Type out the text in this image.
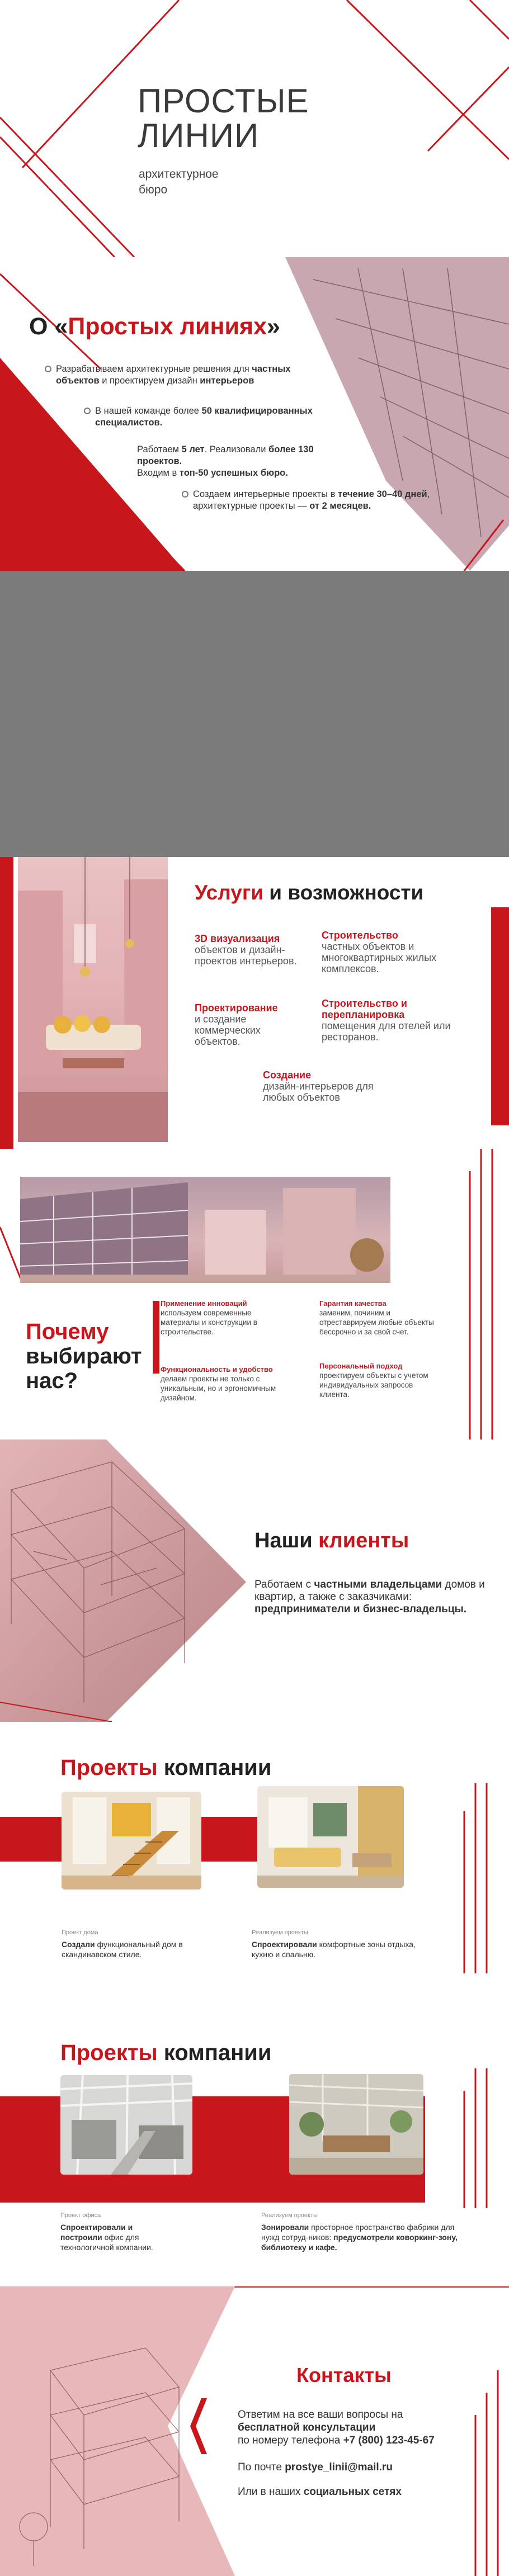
ПРОСТЫЕ
ЛИНИИ
архитектурное
бюро
О «Простых линиях»
Разрабатываем архитектурные решения для частных
объектов и проектируем дизайн интерьеров
В нашей команде более 50 квалифицированных специалистов.
Работаем 5 лет. Реализовали более 130 проектов.
Входим в топ-50 успешных бюро.
Создаем интерьерные проекты в течение 30–40 дней, архитектурные проекты — от 2 месяцев.
Услуги и возможности
3D визуализация
объектов и дизайн-проектов интерьеров.
Строительство
частных объектов и многоквартирных жилых комплексов.
Проектирование
и создание коммерческих объектов.
Строительство и перепланировка
помещения для отелей или ресторанов.
Создание
дизайн-интерьеров для любых объектов
Почему
выбирают
нас?
Применение инноваций
используем современные материалы и конструкции в строительстве.
Гарантия качества
заменим, починим и отреставрируем любые объекты бессрочно и за свой счет.
Функциональность и удобство
делаем проекты не только с уникальным, но и эргономичным дизайном.
Персональный подход
проектируем объекты с учетом индивидуальных запросов клиента.
Наши клиенты
Работаем с частными владельцами домов и квартир, а также с заказчиками: предприниматели и бизнес-владельцы.
Проекты компании
Проект дома
Создали функциональный дом в скандинавском стиле.
Реализуем проекты
Спроектировали комфортные зоны отдыха, кухню и спальню.
Проекты компании
Проект офиса
Спроектировали и построили офис для технологичной компании.
Реализуем проекты
Зонировали просторное пространство фабрики для нужд сотруд-ников: предусмотрели коворкинг-зону, библиотеку и кафе.
Контакты
Ответим на все ваши вопросы на
бесплатной консультации
по номеру телефона +7 (800) 123-45-67
По почте prostye_linii@mail.ru
Или в наших социальных сетях
